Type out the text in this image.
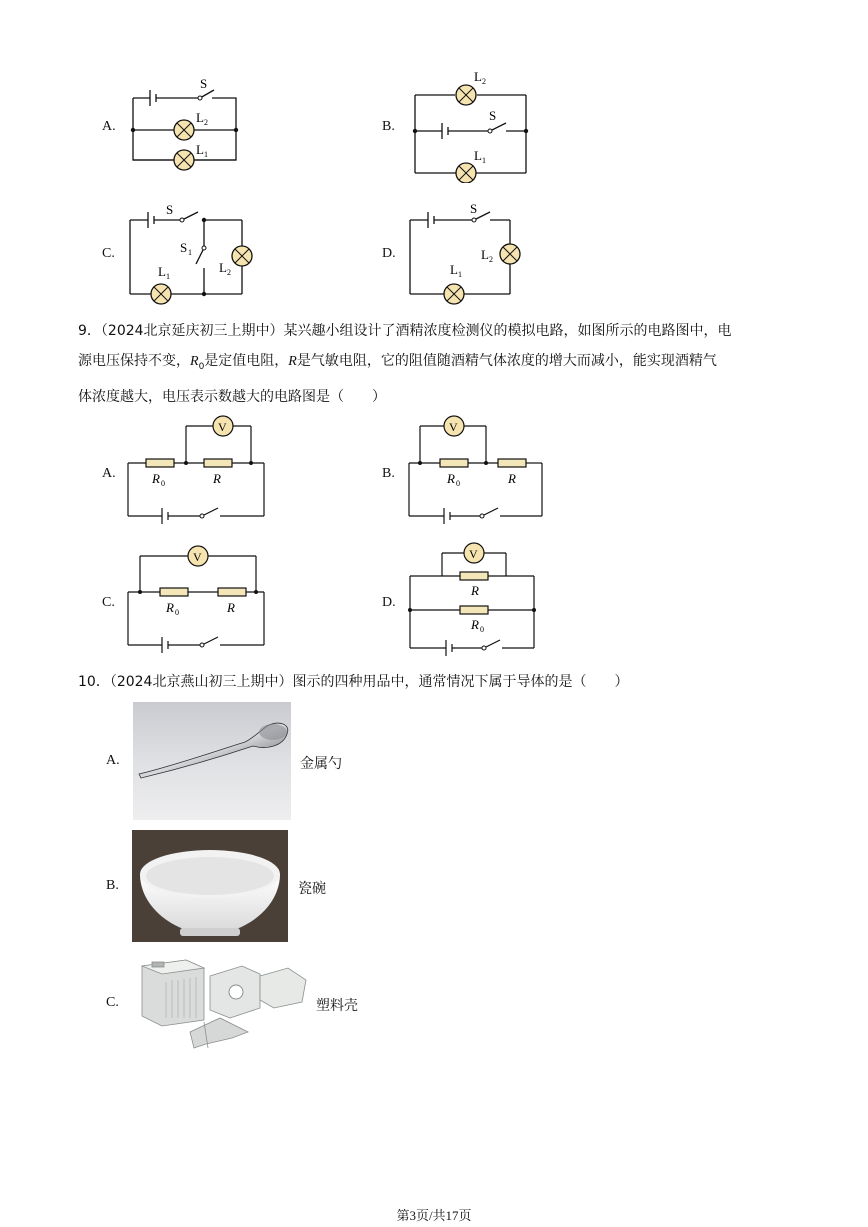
A.
S
L 2
L 1
B.
L 2
S
L 1
C.
S
S 1
L 2
L 1
D.
S
L 2
L 1
9．（2024北京延庆初三上期中）某兴趣小组设计了酒精浓度检测仪的模拟电路，如图所示的电路图中，电
源电压保持不变，$R_0$是定值电阻，R是气敏电阻，它的阻值随酒精气体浓度的增大而减小，能实现酒精气
体浓度越大，电压表示数越大的电路图是（　　）
A.
V
R 0	R	B.
V
R 0	R
C.
V
R 0	R	D.
V
R
R 0
10．（2024北京燕山初三上期中）图示的四种用品中，通常情况下属于导体的是（　　）
A.	金属勺
B.	瓷碗
C.	塑料壳
第3页/共17页
